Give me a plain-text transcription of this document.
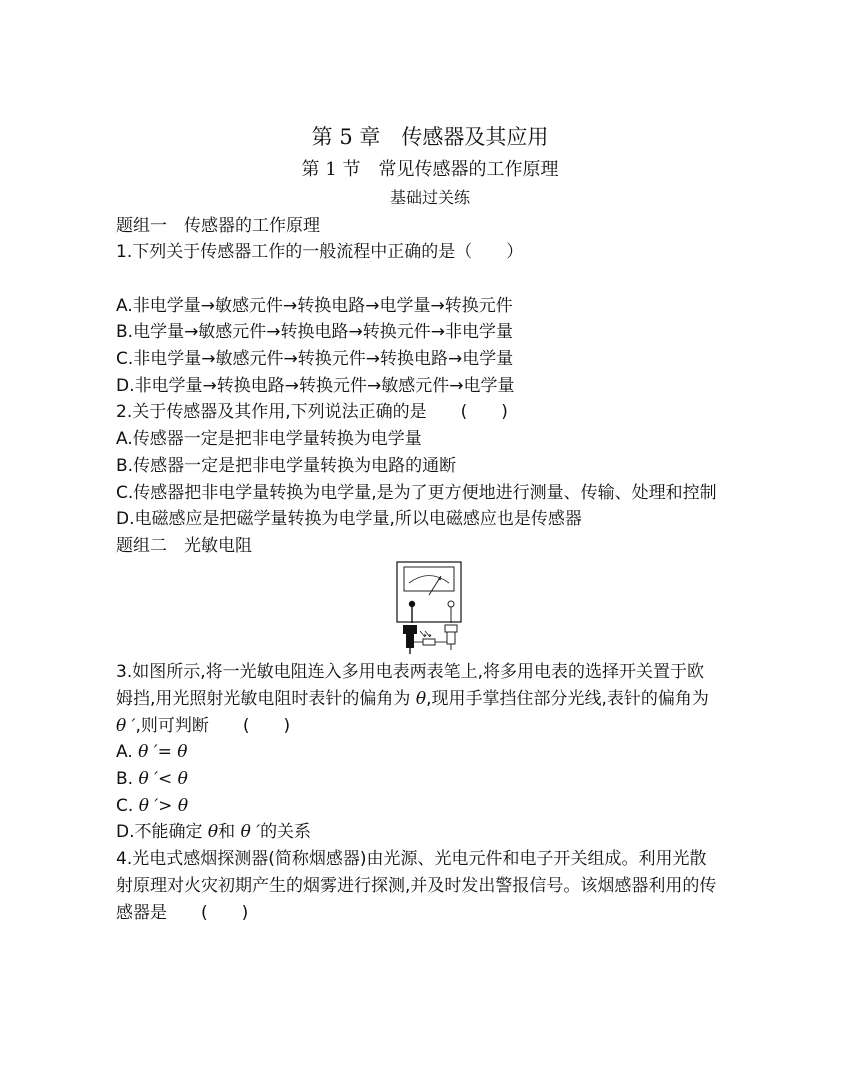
第 5 章　传感器及其应用
第 1 节　常见传感器的工作原理
基础过关练
题组一　传感器的工作原理
1.下列关于传感器工作的一般流程中正确的是（　　）
A.非电学量→敏感元件→转换电路→电学量→转换元件
B.电学量→敏感元件→转换电路→转换元件→非电学量
C.非电学量→敏感元件→转换元件→转换电路→电学量
D.非电学量→转换电路→转换元件→敏感元件→电学量
2.关于传感器及其作用,下列说法正确的是　　(　　)
A.传感器一定是把非电学量转换为电学量
B.传感器一定是把非电学量转换为电路的通断
C.传感器把非电学量转换为电学量,是为了更方便地进行测量、传输、处理和控制
D.电磁感应是把磁学量转换为电学量,所以电磁感应也是传感器
题组二　光敏电阻
3.如图所示,将一光敏电阻连入多用电表两表笔上,将多用电表的选择开关置于欧
姆挡,用光照射光敏电阻时表针的偏角为 θ,现用手掌挡住部分光线,表针的偏角为
θ ′,则可判断　　(　　)
A. θ ′= θ
B. θ ′< θ
C. θ ′> θ
D.不能确定 θ和 θ ′的关系
4.光电式感烟探测器(简称烟感器)由光源、光电元件和电子开关组成。利用光散
射原理对火灾初期产生的烟雾进行探测,并及时发出警报信号。该烟感器利用的传
感器是　　(　　)
